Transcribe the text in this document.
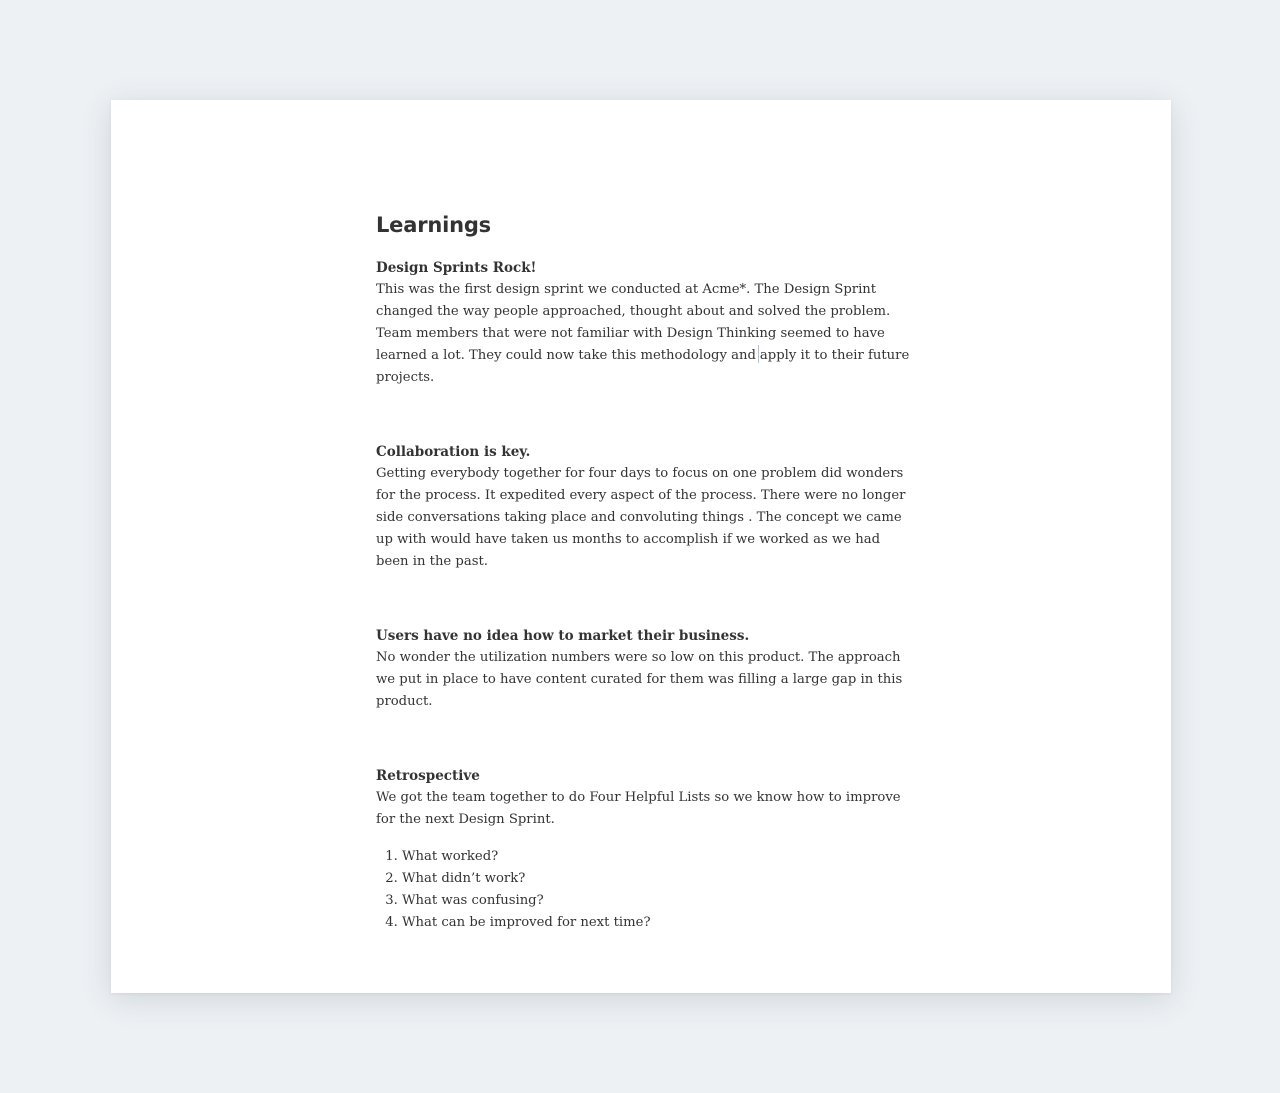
Learnings
Design Sprints Rock!

This was the first design sprint we conducted at Acme*. The Design Sprint changed the way people approached, thought about and solved the problem. Team members that were not familiar with Design Thinking seemed to have learned a lot. They could now take this methodology and apply it to their future projects.

Collaboration is key.

Getting everybody together for four days to focus on one problem did wonders for the process. It expedited every aspect of the process. There were no longer side conversations taking place and convoluting things . The concept we came up with would have taken us months to accomplish if we worked as we had been in the past.

Users have no idea how to market their business.

No wonder the utilization numbers were so low on this product. The approach we put in place to have content curated for them was filling a large gap in this product.

Retrospective

We got the team together to do Four Helpful Lists so we know how to improve for the next Design Sprint.

1. What worked?
2. What didn’t work?
3. What was confusing?
4. What can be improved for next time?
